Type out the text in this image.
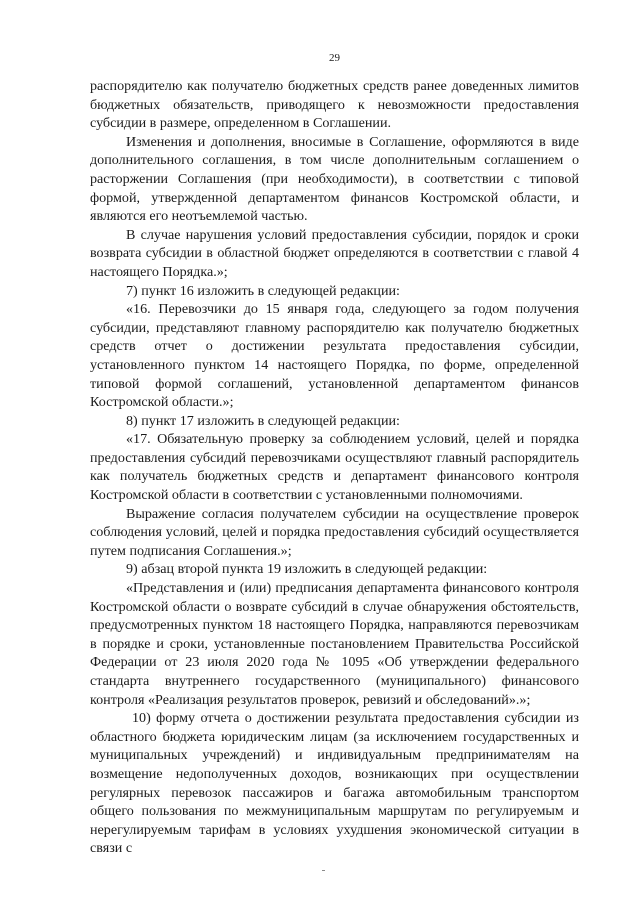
29

распорядителю как получателю бюджетных средств ранее доведенных лимитов бюджетных обязательств, приводящего к невозможности предоставления субсидии в размере, определенном в Соглашении.

Изменения и дополнения, вносимые в Соглашение, оформляются в виде дополнительного соглашения, в том числе дополнительным соглашением о расторжении Соглашения (при необходимости), в соответствии с типовой формой, утвержденной департаментом финансов Костромской области, и являются его неотъемлемой частью.

В случае нарушения условий предоставления субсидии, порядок и сроки возврата субсидии в областной бюджет определяются в соответствии с главой 4 настоящего Порядка.»;

7) пункт 16 изложить в следующей редакции:

«16. Перевозчики до 15 января года, следующего за годом получения субсидии, представляют главному распорядителю как получателю бюджетных средств отчет о достижении результата предоставления субсидии, установленного пунктом 14 настоящего Порядка, по форме, определенной типовой формой соглашений, установленной департаментом финансов Костромской области.»;

8) пункт 17 изложить в следующей редакции:

«17. Обязательную проверку за соблюдением условий, целей и порядка предоставления субсидий перевозчиками осуществляют главный распорядитель как получатель бюджетных средств и департамент финансового контроля Костромской области в соответствии с установленными полномочиями.

Выражение согласия получателем субсидии на осуществление проверок соблюдения условий, целей и порядка предоставления субсидий осуществляется путем подписания Соглашения.»;

9) абзац второй пункта 19 изложить в следующей редакции:

«Представления и (или) предписания департамента финансового контроля Костромской области о возврате субсидий в случае обнаружения обстоятельств, предусмотренных пунктом 18 настоящего Порядка, направляются перевозчикам в порядке и сроки, установленные постановлением Правительства Российской Федерации от 23 июля 2020 года № 1095 «Об утверждении федерального стандарта внутреннего государственного (муниципального) финансового контроля «Реализация результатов проверок, ревизий и обследований».»;

10) форму отчета о достижении результата предоставления субсидии из областного бюджета юридическим лицам (за исключением государственных и муниципальных учреждений) и индивидуальным предпринимателям на возмещение недополученных доходов, возникающих при осуществлении регулярных перевозок пассажиров и багажа автомобильным транспортом общего пользования по межмуниципальным маршрутам по регулируемым и нерегулируемым тарифам в условиях ухудшения экономической ситуации в связи с
